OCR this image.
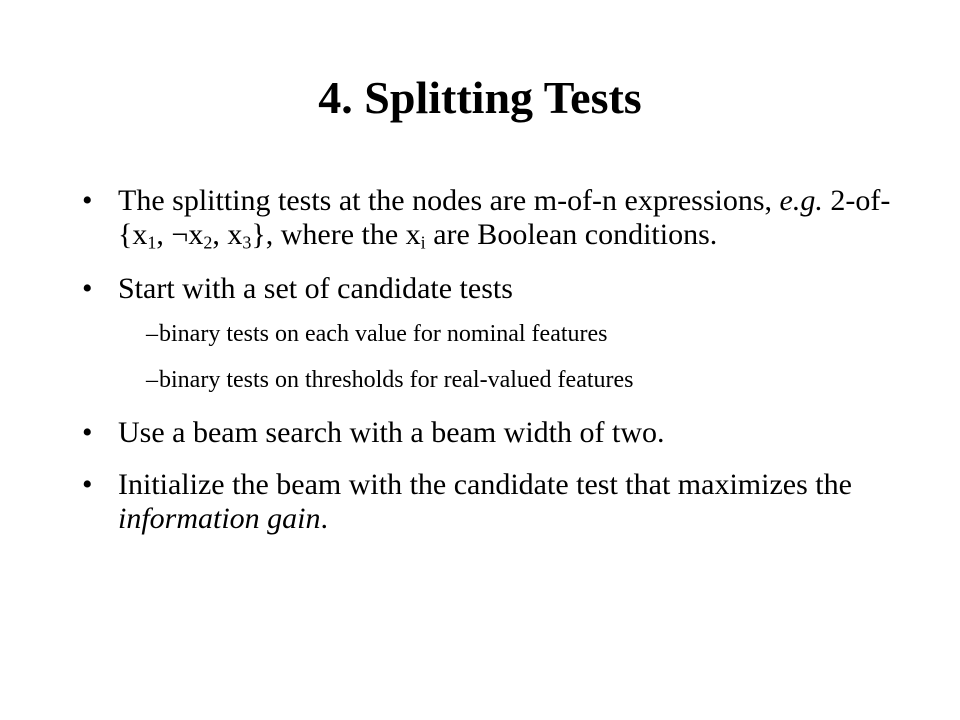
4. Splitting Tests
• The splitting tests at the nodes are m-of-n expressions, e.g. $2-of-\{x_1$, $\neg x_2$, $x_3$}, where the $x_i$ are Boolean conditions.
• Start with a set of candidate tests
– binary tests on each value for nominal features
– binary tests on thresholds for real-valued features
• Use a beam search with a beam width of two.
• Initialize the beam with the candidate test that maximizes the information gain.
